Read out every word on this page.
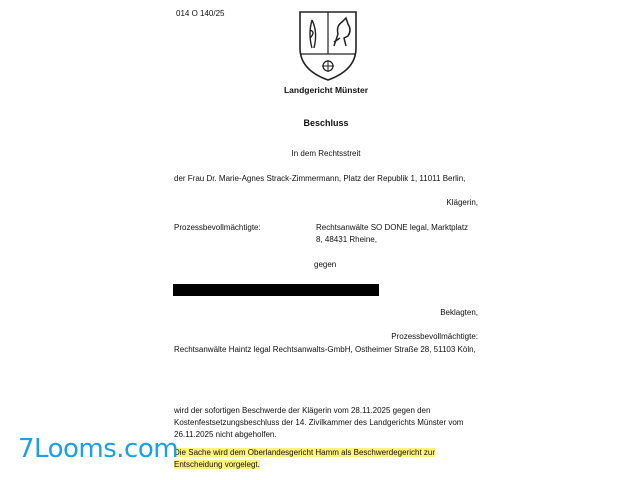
014 O 140/25
Landgericht Münster
Beschluss
In dem Rechtsstreit
der Frau Dr. Marie-Agnes Strack-Zimmermann, Platz der Republik 1, 11011 Berlin,
Klägerin,
Prozessbevollmächtigte:	Rechtsanwälte SO DONE legal, Marktplatz
8, 48431 Rheine,
gegen
Beklagten,
Prozessbevollmächtigte:
Rechtsanwälte Haintz legal Rechtsanwalts-GmbH, Ostheimer Straße 28, 51103 Köln,
wird der sofortigen Beschwerde der Klägerin vom 28.11.2025 gegen den
Kostenfestsetzungsbeschluss der 14. Zivilkammer des Landgerichts Münster vom
26.11.2025 nicht abgeholfen.
Die Sache wird dem Oberlandesgericht Hamm als Beschwerdegericht zur
Entscheidung vorgelegt.
7Looms.com
